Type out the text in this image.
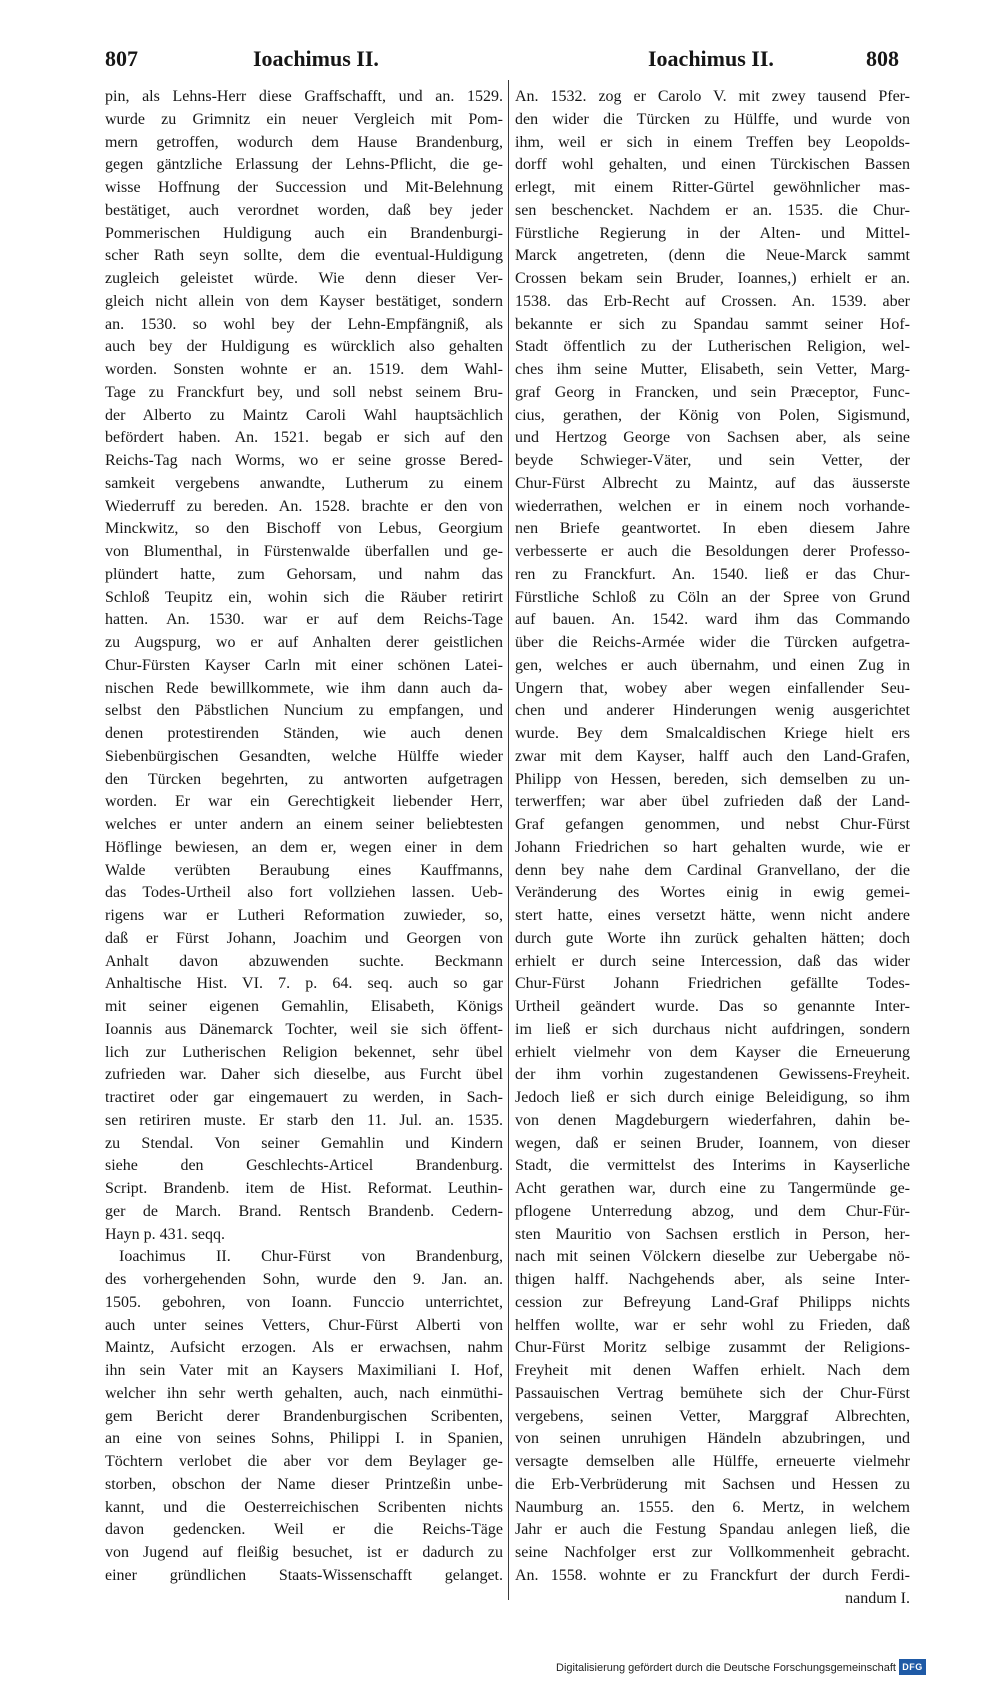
807	Ioachimus II.	Ioachimus II.	808
pin, als Lehns-Herr diese Graffschafft, und an. 1529.
wurde zu Grimnitz ein neuer Vergleich mit Pom-
mern getroffen, wodurch dem Hause Brandenburg,
gegen gäntzliche Erlassung der Lehns-Pflicht, die ge-
wisse Hoffnung der Succession und Mit-Belehnung
bestätiget, auch verordnet worden, daß bey jeder
Pommerischen Huldigung auch ein Brandenburgi-
scher Rath seyn sollte, dem die eventual-Huldigung
zugleich geleistet würde. Wie denn dieser Ver-
gleich nicht allein von dem Kayser bestätiget, sondern
an. 1530. so wohl bey der Lehn-Empfängniß, als
auch bey der Huldigung es würcklich also gehalten
worden. Sonsten wohnte er an. 1519. dem Wahl-
Tage zu Franckfurt bey, und soll nebst seinem Bru-
der Alberto zu Maintz Caroli Wahl hauptsächlich
befördert haben. An. 1521. begab er sich auf den
Reichs-Tag nach Worms, wo er seine grosse Bered-
samkeit vergebens anwandte, Lutherum zu einem
Wiederruff zu bereden. An. 1528. brachte er den von
Minckwitz, so den Bischoff von Lebus, Georgium
von Blumenthal, in Fürstenwalde überfallen und ge-
plündert hatte, zum Gehorsam, und nahm das
Schloß Teupitz ein, wohin sich die Räuber retirirt
hatten. An. 1530. war er auf dem Reichs-Tage
zu Augspurg, wo er auf Anhalten derer geistlichen
Chur-Fürsten Kayser Carln mit einer schönen Latei-
nischen Rede bewillkommete, wie ihm dann auch da-
selbst den Päbstlichen Nuncium zu empfangen, und
denen protestirenden Ständen, wie auch denen
Siebenbürgischen Gesandten, welche Hülffe wieder
den Türcken begehrten, zu antworten aufgetragen
worden. Er war ein Gerechtigkeit liebender Herr,
welches er unter andern an einem seiner beliebtesten
Höflinge bewiesen, an dem er, wegen einer in dem
Walde verübten Beraubung eines Kauffmanns,
das Todes-Urtheil also fort vollziehen lassen. Ueb-
rigens war er Lutheri Reformation zuwieder, so,
daß er Fürst Johann, Joachim und Georgen von
Anhalt davon abzuwenden suchte. Beckmann
Anhaltische Hist. VI. 7. p. 64. seq. auch so gar
mit seiner eigenen Gemahlin, Elisabeth, Königs
Ioannis aus Dänemarck Tochter, weil sie sich öffent-
lich zur Lutherischen Religion bekennet, sehr übel
zufrieden war. Daher sich dieselbe, aus Furcht übel
tractiret oder gar eingemauert zu werden, in Sach-
sen retiriren muste. Er starb den 11. Jul. an. 1535.
zu Stendal. Von seiner Gemahlin und Kindern
siehe den Geschlechts-Articel Brandenburg.
Script. Brandenb. item de Hist. Reformat. Leuthin-
ger de March. Brand. Rentsch Brandenb. Cedern-
Hayn p. 431. seqq.
Ioachimus II. Chur-Fürst von Brandenburg,
des vorhergehenden Sohn, wurde den 9. Jan. an.
1505. gebohren, von Ioann. Funccio unterrichtet,
auch unter seines Vetters, Chur-Fürst Alberti von
Maintz, Aufsicht erzogen. Als er erwachsen, nahm
ihn sein Vater mit an Kaysers Maximiliani I. Hof,
welcher ihn sehr werth gehalten, auch, nach einmüthi-
gem Bericht derer Brandenburgischen Scribenten,
an eine von seines Sohns, Philippi I. in Spanien,
Töchtern verlobet die aber vor dem Beylager ge-
storben, obschon der Name dieser Printzeßin unbe-
kannt, und die Oesterreichischen Scribenten nichts
davon gedencken. Weil er die Reichs-Täge
von Jugend auf fleißig besuchet, ist er dadurch zu
einer gründlichen Staats-Wissenschafft gelanget.
An. 1532. zog er Carolo V. mit zwey tausend Pfer-
den wider die Türcken zu Hülffe, und wurde von
ihm, weil er sich in einem Treffen bey Leopolds-
dorff wohl gehalten, und einen Türckischen Bassen
erlegt, mit einem Ritter-Gürtel gewöhnlicher mas-
sen beschencket. Nachdem er an. 1535. die Chur-
Fürstliche Regierung in der Alten- und Mittel-
Marck angetreten, (denn die Neue-Marck sammt
Crossen bekam sein Bruder, Ioannes,) erhielt er an.
1538. das Erb-Recht auf Crossen. An. 1539. aber
bekannte er sich zu Spandau sammt seiner Hof-
Stadt öffentlich zu der Lutherischen Religion, wel-
ches ihm seine Mutter, Elisabeth, sein Vetter, Marg-
graf Georg in Francken, und sein Præceptor, Func-
cius, gerathen, der König von Polen, Sigismund,
und Hertzog George von Sachsen aber, als seine
beyde Schwieger-Väter, und sein Vetter, der
Chur-Fürst Albrecht zu Maintz, auf das äusserste
wiederrathen, welchen er in einem noch vorhande-
nen Briefe geantwortet. In eben diesem Jahre
verbesserte er auch die Besoldungen derer Professo-
ren zu Franckfurt. An. 1540. ließ er das Chur-
Fürstliche Schloß zu Cöln an der Spree von Grund
auf bauen. An. 1542. ward ihm das Commando
über die Reichs-Armée wider die Türcken aufgetra-
gen, welches er auch übernahm, und einen Zug in
Ungern that, wobey aber wegen einfallender Seu-
chen und anderer Hinderungen wenig ausgerichtet
wurde. Bey dem Smalcaldischen Kriege hielt ers
zwar mit dem Kayser, halff auch den Land-Grafen,
Philipp von Hessen, bereden, sich demselben zu un-
terwerffen; war aber übel zufrieden daß der Land-
Graf gefangen genommen, und nebst Chur-Fürst
Johann Friedrichen so hart gehalten wurde, wie er
denn bey nahe dem Cardinal Granvellano, der die
Veränderung des Wortes einig in ewig gemei-
stert hatte, eines versetzt hätte, wenn nicht andere
durch gute Worte ihn zurück gehalten hätten; doch
erhielt er durch seine Intercession, daß das wider
Chur-Fürst Johann Friedrichen gefällte Todes-
Urtheil geändert wurde. Das so genannte Inter-
im ließ er sich durchaus nicht aufdringen, sondern
erhielt vielmehr von dem Kayser die Erneuerung
der ihm vorhin zugestandenen Gewissens-Freyheit.
Jedoch ließ er sich durch einige Beleidigung, so ihm
von denen Magdeburgern wiederfahren, dahin be-
wegen, daß er seinen Bruder, Ioannem, von dieser
Stadt, die vermittelst des Interims in Kayserliche
Acht gerathen war, durch eine zu Tangermünde ge-
pflogene Unterredung abzog, und dem Chur-Für-
sten Mauritio von Sachsen erstlich in Person, her-
nach mit seinen Völckern dieselbe zur Uebergabe nö-
thigen halff. Nachgehends aber, als seine Inter-
cession zur Befreyung Land-Graf Philipps nichts
helffen wollte, war er sehr wohl zu Frieden, daß
Chur-Fürst Moritz selbige zusammt der Religions-
Freyheit mit denen Waffen erhielt. Nach dem
Passauischen Vertrag bemühete sich der Chur-Fürst
vergebens, seinen Vetter, Marggraf Albrechten,
von seinen unruhigen Händeln abzubringen, und
versagte demselben alle Hülffe, erneuerte vielmehr
die Erb-Verbrüderung mit Sachsen und Hessen zu
Naumburg an. 1555. den 6. Mertz, in welchem
Jahr er auch die Festung Spandau anlegen ließ, die
seine Nachfolger erst zur Vollkommenheit gebracht.
An. 1558. wohnte er zu Franckfurt der durch Ferdi-
nandum I.
Digitalisierung gefördert durch die Deutsche Forschungsgemeinschaft DFG
